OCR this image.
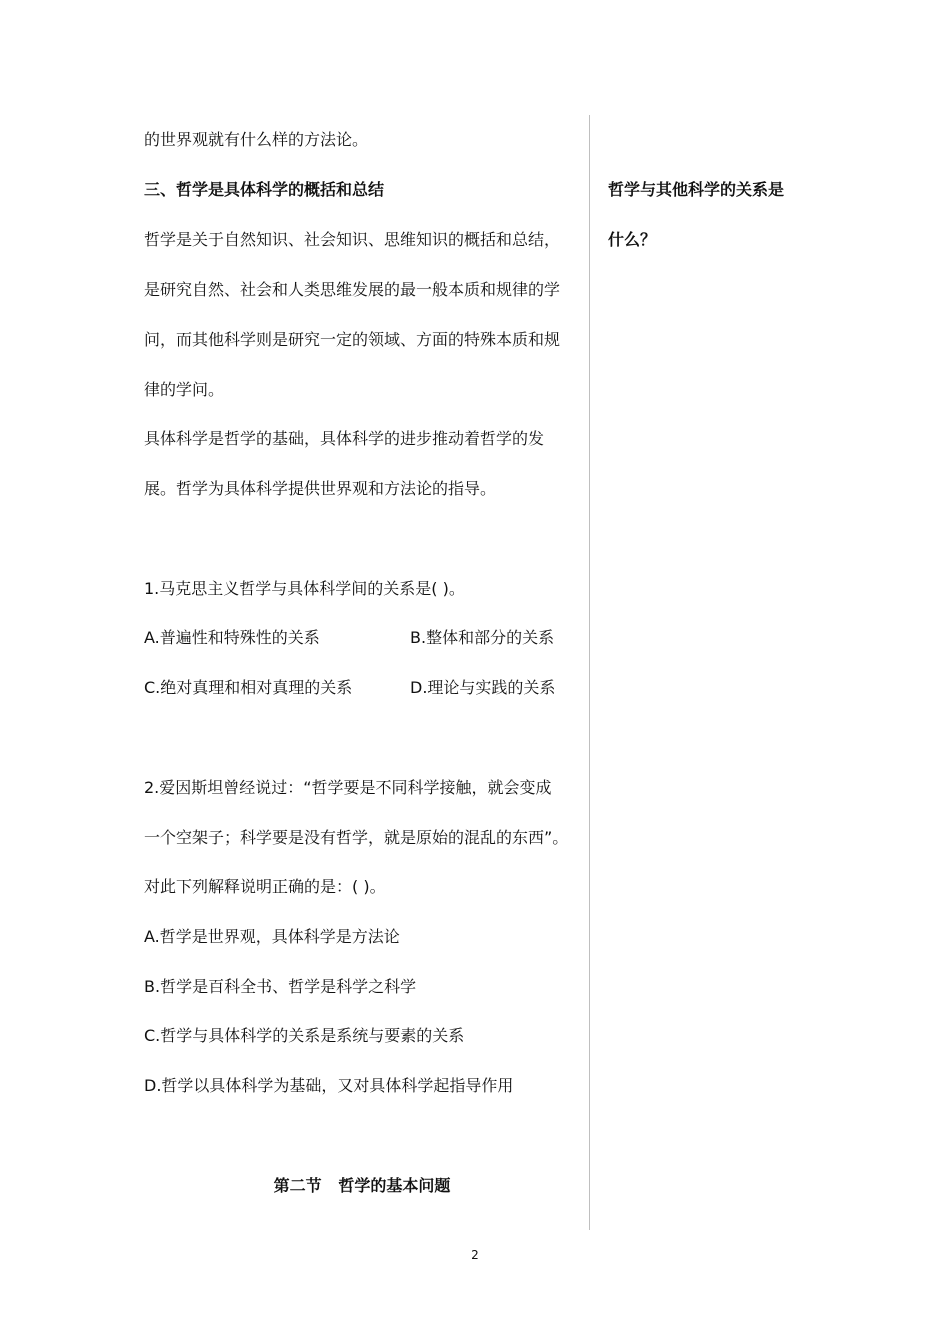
的世界观就有什么样的方法论。
三、哲学是具体科学的概括和总结
哲学是关于自然知识、社会知识、思维知识的概括和总结，
是研究自然、社会和人类思维发展的最一般本质和规律的学
问，而其他科学则是研究一定的领域、方面的特殊本质和规
律的学问。
具体科学是哲学的基础，具体科学的进步推动着哲学的发
展。哲学为具体科学提供世界观和方法论的指导。
1.马克思主义哲学与具体科学间的关系是( )。
A.普遍性和特殊性的关系	B.整体和部分的关系
C.绝对真理和相对真理的关系	D.理论与实践的关系
2.爱因斯坦曾经说过：“哲学要是不同科学接触，就会变成
一个空架子；科学要是没有哲学，就是原始的混乱的东西”。
对此下列解释说明正确的是：( )。
A.哲学是世界观，具体科学是方法论
B.哲学是百科全书、哲学是科学之科学
C.哲学与具体科学的关系是系统与要素的关系
D.哲学以具体科学为基础，又对具体科学起指导作用
第二节   哲学的基本问题
哲学与其他科学的关系是
什么？
2
